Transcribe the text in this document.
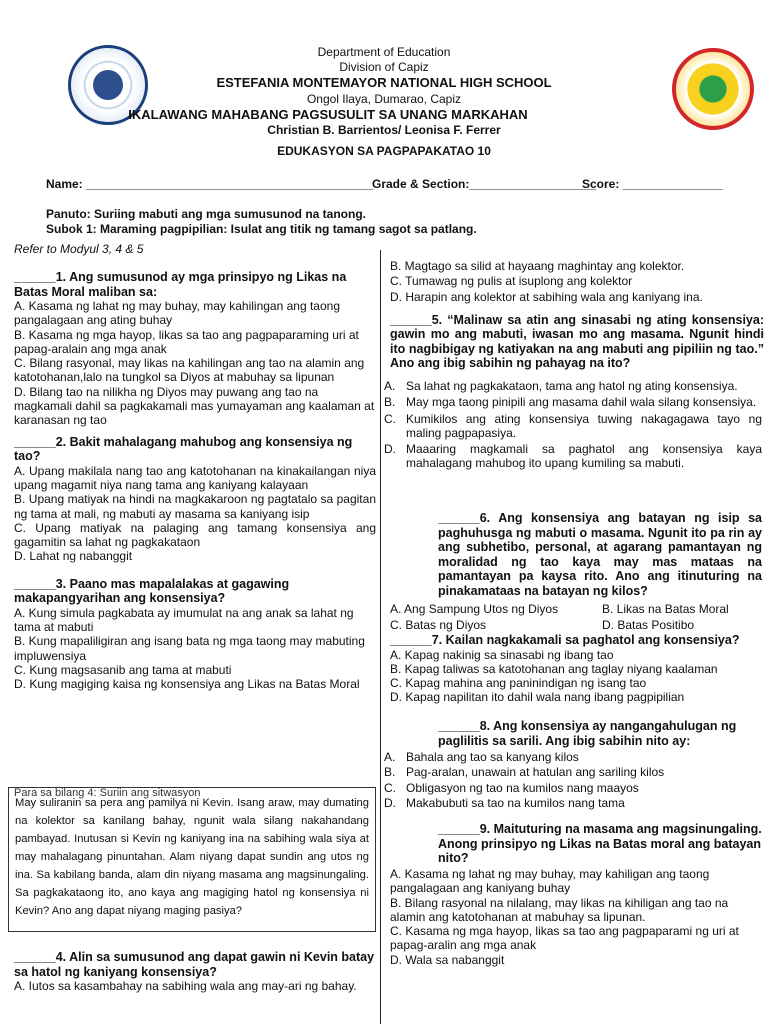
Department of Education
Division of Capiz
ESTEFANIA MONTEMAYOR NATIONAL HIGH SCHOOL
Ongol Ilaya, Dumarao, Capiz
IKALAWANG MAHABANG PAGSUSULIT SA UNANG MARKAHAN
Christian B. Barrientos/ Leonisa F. Ferrer
EDUKASYON SA PAGPAPAKATAO 10
Name: ___________________________________________ Grade & Section:___________________
Score: _______________
Panuto: Suriing mabuti ang mga sumusunod na tanong.
Subok 1: Maraming pagpipilian: Isulat ang titik ng tamang sagot sa patlang.
Refer to Modyul 3, 4 & 5
______1. Ang sumusunod ay mga prinsipyo ng Likas na Batas Moral maliban sa:
A. Kasama ng lahat ng may buhay, may kahilingan ang taong pangalagaan ang ating buhay
B. Kasama ng mga hayop, likas sa tao ang pagpaparaming uri at papag-aralain ang mga anak
C. Bilang rasyonal, may likas na kahilingan ang tao na alamin ang katotohanan,lalo na tungkol sa Diyos at mabuhay sa lipunan
D. Bilang tao na nilikha ng Diyos may puwang ang tao na magkamali dahil sa pagkakamali mas yumayaman ang kaalaman at karanasan ng tao
______2. Bakit mahalagang mahubog ang konsensiya ng tao?
A. Upang makilala nang tao ang katotohanan na kinakailangan niya upang magamit niya nang tama ang kaniyang kalayaan
B. Upang matiyak na hindi na magkakaroon ng pagtatalo sa pagitan ng tama at mali, ng mabuti ay masama sa kaniyang isip
C. Upang matiyak na palaging ang tamang konsensiya ang gagamitin sa lahat ng pagkakataon
D. Lahat ng nabanggit
______3. Paano mas mapalalakas at gagawing makapangyarihan ang konsensiya?
A. Kung simula pagkabata ay imumulat na ang anak sa lahat ng tama at mabuti
B. Kung mapaliligiran ang isang bata ng mga taong may mabuting impluwensiya
C. Kung magsasanib ang tama at mabuti
D. Kung magiging kaisa ng konsensiya ang Likas na Batas Moral
Para sa bilang 4: Suriin ang sitwasyon

May suliranin sa pera ang pamilya ni Kevin. Isang araw, may dumating na kolektor sa kanilang bahay, ngunit wala silang nakahandang pambayad. Inutusan si Kevin ng kaniyang ina na sabihing wala siya at may mahalagang pinuntahan. Alam niyang dapat sundin ang utos ng ina. Sa kabilang banda, alam din niyang masama ang magsinungaling. Sa pagkakataong ito, ano kaya ang magiging hatol ng konsensiya ni Kevin? Ano ang dapat niyang maging pasiya?

______4. Alin sa sumusunod ang dapat gawin ni Kevin batay sa hatol ng kaniyang konsensiya?
A. Iutos sa kasambahay na sabihing wala ang may-ari ng bahay.
B. Magtago sa silid at hayaang maghintay ang kolektor.
C. Tumawag ng pulis at isuplong ang kolektor
D. Harapin ang kolektor at sabihing wala ang kaniyang ina.
______5. “Malinaw sa atin ang sinasabi ng ating konsensiya: gawin mo ang mabuti, iwasan mo ang masama. Ngunit hindi ito nagbibigay ng katiyakan na ang mabuti ang pipiliin ng tao.” Ano ang ibig sabihin ng pahayag na ito?
A. Sa lahat ng pagkakataon, tama ang hatol ng ating konsensiya.
B. May mga taong pinipili ang masama dahil wala silang konsensiya.
C. Kumikilos ang ating konsensiya tuwing nakagagawa tayo ng maling pagpapasiya.
D. Maaaring magkamali sa paghatol ang konsensiya kaya mahalagang mahubog ito upang kumiling sa mabuti.
______6. Ang konsensiya ang batayan ng isip sa paghuhusga ng mabuti o masama. Ngunit ito pa rin ay ang subhetibo, personal, at agarang pamantayan ng moralidad ng tao kaya may mas mataas na pamantayan pa kaysa rito. Ano ang itinuturing na pinakamataas na batayan ng kilos?
A. Ang Sampung Utos ng Diyos	B. Likas na Batas Moral
C. Batas ng Diyos	D. Batas Positibo
______7. Kailan nagkakamali sa paghatol ang konsensiya?
A. Kapag nakinig sa sinasabi ng ibang tao
B. Kapag taliwas sa katotohanan ang taglay niyang kaalaman
C. Kapag mahina ang paninindigan ng isang tao
D. Kapag napilitan ito dahil wala nang ibang pagpipilian
______8. Ang konsensiya ay nangangahulugan ng paglilitis sa sarili. Ang ibig sabihin nito ay:
A. Bahala ang tao sa kanyang kilos
B. Pag-aralan, unawain at hatulan ang sariling kilos
C. Obligasyon ng tao na kumilos nang maayos
D. Makabubuti sa tao na kumilos nang tama
______9. Maituturing na masama ang magsinungaling. Anong prinsipyo ng Likas na Batas moral ang batayan nito?
A. Kasama ng lahat ng may buhay, may kahiligan ang taong pangalagaan ang kaniyang buhay
B. Bilang rasyonal na nilalang, may likas na kihiligan ang tao na alamin ang katotohanan at mabuhay sa lipunan.
C. Kasama ng mga hayop, likas sa tao ang pagpaparami ng uri at papag-aralin ang mga anak
D. Wala sa nabanggit
